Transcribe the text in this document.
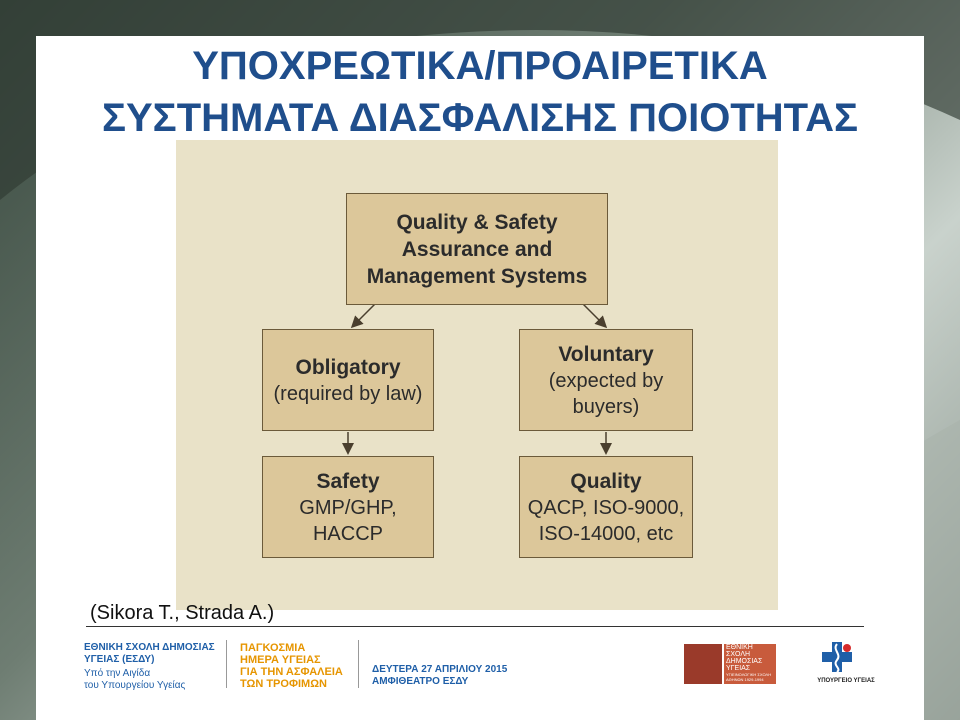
ΥΠΟΧΡΕΩΤΙΚΑ/ΠΡΟΑΙΡΕΤΙΚΑ
ΣΥΣΤΗΜΑΤΑ ΔΙΑΣΦΑΛΙΣΗΣ ΠΟΙΟΤΗΤΑΣ
Quality & Safety
Assurance and
Management Systems
Obligatory
(required by law)
Voluntary
(expected by
buyers)
Safety
GMP/GHP,
HACCP
Quality
QACP, ISO-9000,
ISO-14000, etc
(Sikora T., Strada A.)
ΕΘΝΙΚΗ ΣΧΟΛΗ ΔΗΜΟΣΙΑΣ
ΥΓΕΙΑΣ (ΕΣΔΥ)
Υπό την Αιγίδα
του Υπουργείου Υγείας
ΠΑΓΚΟΣΜΙΑ
ΗΜΕΡΑ ΥΓΕΙΑΣ
ΓΙΑ ΤΗΝ ΑΣΦΑΛΕΙΑ
ΤΩΝ ΤΡΟΦΙΜΩΝ
ΔΕΥΤΕΡΑ 27 ΑΠΡΙΛΙΟΥ 2015
ΑΜΦΙΘΕΑΤΡΟ ΕΣΔΥ
ΕΘΝΙΚΗ
ΣΧΟΛΗ
ΔΗΜΟΣΙΑΣ
ΥΓΕΙΑΣ
ΥΓΙΕΙΝΟΛΟΓΙΚΗ ΣΧΟΛΗ
ΑΘΗΝΩΝ 1929-1994	ΥΠΟΥΡΓΕΙΟ ΥΓΕΙΑΣ
